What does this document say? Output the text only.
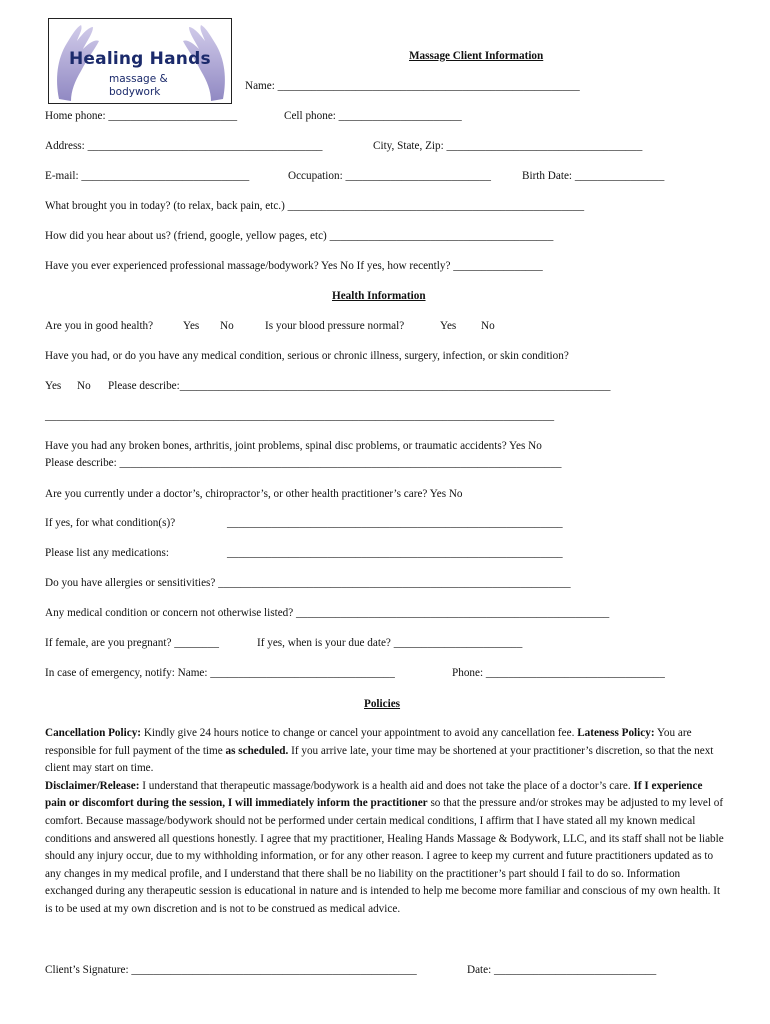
Healing Hands
massage &
bodywork
Massage Client Information
Name: ______________________________________________________
Home phone: _______________________	Cell phone: ______________________
Address: __________________________________________	City, State, Zip: ___________________________________
E-mail: ______________________________	Occupation: __________________________	Birth Date: ________________
What brought you in today? (to relax, back pain, etc.) _____________________________________________________
How did you hear about us? (friend, google, yellow pages, etc) ________________________________________
Have you ever experienced professional massage/bodywork? Yes No If yes, how recently? ________________
Health Information
Are you in good health?	Yes No	Is your blood pressure normal?	Yes No
Have you had, or do you have any medical condition, serious or chronic illness, surgery, infection, or skin condition?
Yes No Please describe:_____________________________________________________________________________
___________________________________________________________________________________________
Have you had any broken bones, arthritis, joint problems, spinal disc problems, or traumatic accidents? Yes No
Please describe: _______________________________________________________________________________
Are you currently under a doctor’s, chiropractor’s, or other health practitioner’s care? Yes No
If yes, for what condition(s)?	____________________________________________________________
Please list any medications:	____________________________________________________________
Do you have allergies or sensitivities? _______________________________________________________________
Any medical condition or concern not otherwise listed? ________________________________________________________
If female, are you pregnant? ________	If yes, when is your due date? _______________________
In case of emergency, notify: Name: _________________________________	Phone: ________________________________
Policies
Cancellation Policy: Kindly give 24 hours notice to change or cancel your appointment to avoid any cancellation fee. Lateness Policy: You are responsible for full payment of the time as scheduled. If you arrive late, your time may be shortened at your practitioner’s discretion, so that the next client may start on time.
Disclaimer/Release: I understand that therapeutic massage/bodywork is a health aid and does not take the place of a doctor’s care. If I experience pain or discomfort during the session, I will immediately inform the practitioner so that the pressure and/or strokes may be adjusted to my level of comfort. Because massage/bodywork should not be performed under certain medical conditions, I affirm that I have stated all my known medical conditions and answered all questions honestly. I agree that my practitioner, Healing Hands Massage & Bodywork, LLC, and its staff shall not be liable should any injury occur, due to my withholding information, or for any other reason. I agree to keep my current and future practitioners updated as to any changes in my medical profile, and I understand that there shall be no liability on the practitioner’s part should I fail to do so. Information exchanged during any therapeutic session is educational in nature and is intended to help me become more familiar and conscious of my own health. It is to be used at my own discretion and is not to be construed as medical advice.
Client’s Signature: ___________________________________________________	Date: _____________________________
